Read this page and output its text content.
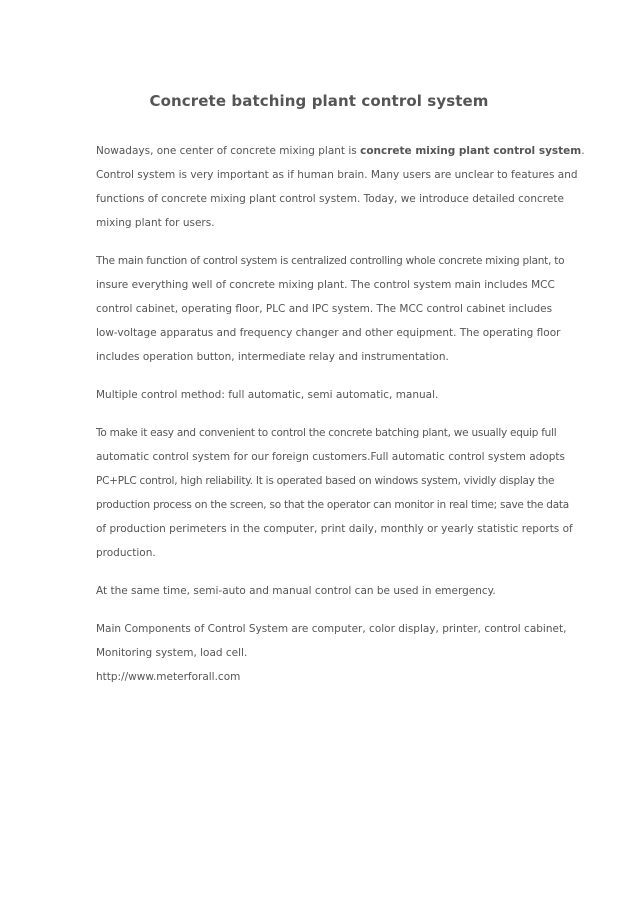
Concrete batching plant control system

Nowadays, one center of concrete mixing plant is concrete mixing plant control system.
Control system is very important as if human brain. Many users are unclear to features and
functions of concrete mixing plant control system. Today, we introduce detailed concrete
mixing plant for users.

The main function of control system is centralized controlling whole concrete mixing plant, to
insure everything well of concrete mixing plant. The control system main includes MCC
control cabinet, operating floor, PLC and IPC system. The MCC control cabinet includes
low-voltage apparatus and frequency changer and other equipment. The operating floor
includes operation button, intermediate relay and instrumentation.

Multiple control method: full automatic, semi automatic, manual.

To make it easy and convenient to control the concrete batching plant, we usually equip full
automatic control system for our foreign customers.Full automatic control system adopts
PC+PLC control, high reliability. It is operated based on windows system, vividly display the
production process on the screen, so that the operator can monitor in real time; save the data
of production perimeters in the computer, print daily, monthly or yearly statistic reports of
production.

At the same time, semi-auto and manual control can be used in emergency.

Main Components of Control System are computer, color display, printer, control cabinet,
Monitoring system, load cell.

http://www.meterforall.com
